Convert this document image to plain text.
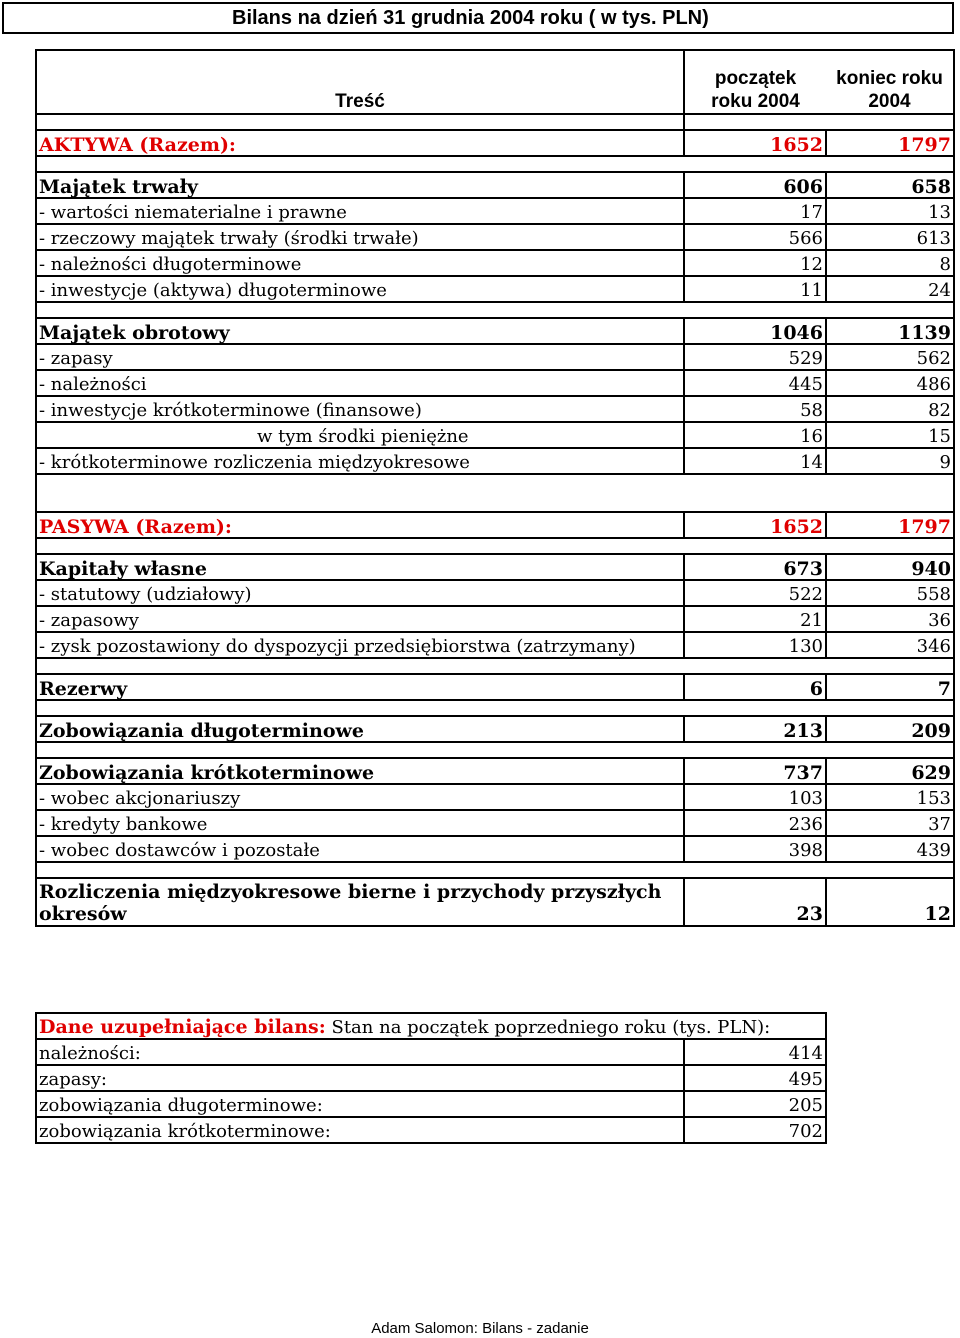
Bilans na dzień 31 grudnia 2004 roku ( w tys. PLN)
Treść	początek roku 2004	koniec roku 2004

AKTYWA (Razem):	1652	1797

Majątek trwały	606	658
- wartości niematerialne i prawne	17	13
- rzeczowy majątek trwały (środki trwałe)	566	613
- należności długoterminowe	12	8
- inwestycje (aktywa) długoterminowe	11	24

Majątek obrotowy	1046	1139
- zapasy	529	562
- należności	445	486
- inwestycje krótkoterminowe (finansowe)	58	82
w tym środki pieniężne	16	15
- krótkoterminowe rozliczenia międzyokresowe	14	9

PASYWA (Razem):	1652	1797

Kapitały własne	673	940
- statutowy (udziałowy)	522	558
- zapasowy	21	36
- zysk pozostawiony do dyspozycji przedsiębiorstwa (zatrzymany)	130	346

Rezerwy	6	7

Zobowiązania długoterminowe	213	209

Zobowiązania krótkoterminowe	737	629
- wobec akcjonariuszy	103	153
- kredyty bankowe	236	37
- wobec dostawców i pozostałe	398	439

Rozliczenia międzyokresowe bierne i przychody przyszłych okresów	23	12
Dane uzupełniające bilans: Stan na początek poprzedniego roku (tys. PLN):	
należności:	414
zapasy:	495
zobowiązania długoterminowe:	205
zobowiązania krótkoterminowe:	702
Adam Salomon: Bilans - zadanie
